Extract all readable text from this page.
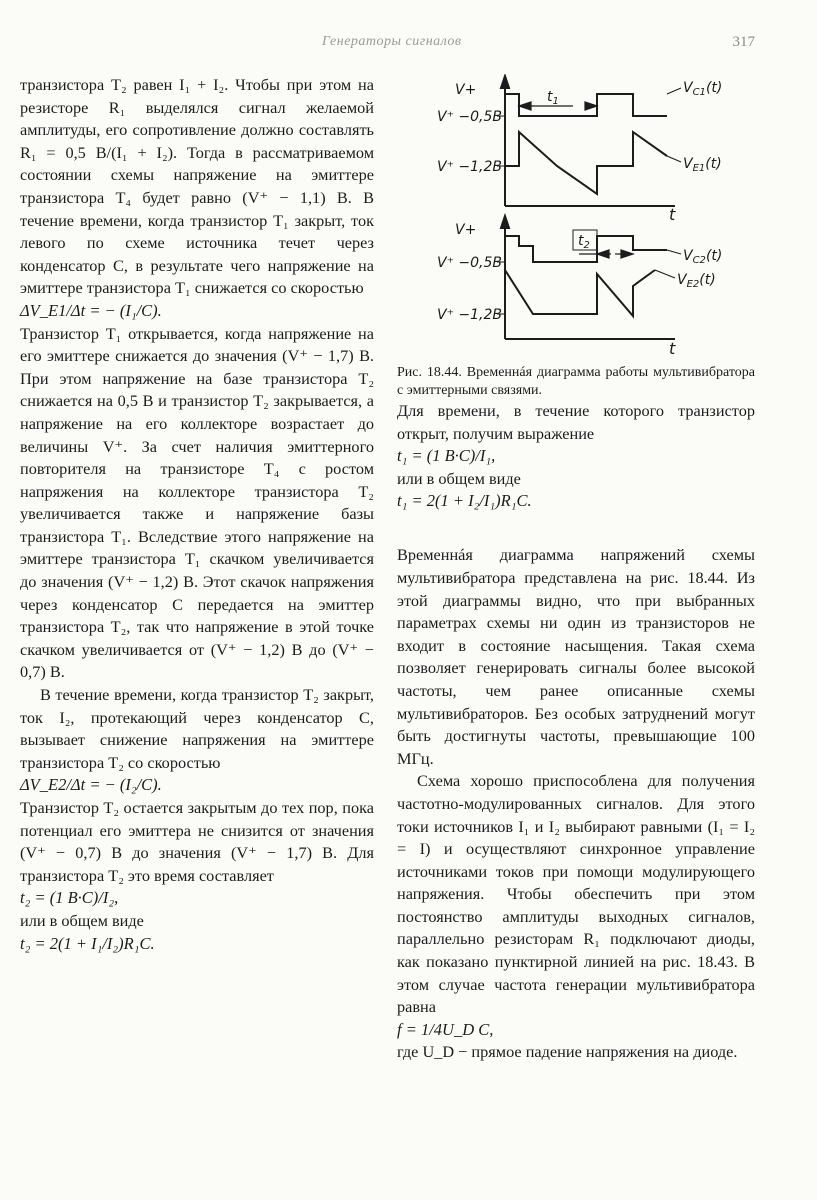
Генераторы сигналов	317

транзистора T₂ равен I₁ + I₂. Чтобы при этом на резисторе R₁ выделялся сигнал желаемой амплитуды, его сопротивление должно составлять R₁ = 0,5 В/(I₁ + I₂). Тогда в рассматриваемом состоянии схемы напряжение на эмиттере транзистора T₄ будет равно (V⁺ − 1,1) В. В течение времени, когда транзистор T₁ закрыт, ток левого по схеме источника течет через конденсатор C, в результате чего напряжение на эмиттере транзистора T₁ снижается со скоростью

ΔV_E1/Δt = − (I₁/C).

Транзистор T₁ открывается, когда напряжение на его эмиттере снижается до значения (V⁺ − 1,7) В. При этом напряжение на базе транзистора T₂ снижается на 0,5 В и транзистор T₂ закрывается, а напряжение на его коллекторе возрастает до величины V⁺. За счет наличия эмиттерного повторителя на транзисторе T₄ с ростом напряжения на коллекторе транзистора T₂ увеличивается также и напряжение базы транзистора T₁. Вследствие этого напряжение на эмиттере транзистора T₁ скачком увеличивается до значения (V⁺ − 1,2) В. Этот скачок напряжения через конденсатор C передается на эмиттер транзистора T₂, так что напряжение в этой точке скачком увеличивается от (V⁺ − 1,2) В до (V⁺ − 0,7) В.

В течение времени, когда транзистор T₂ закрыт, ток I₂, протекающий через конденсатор C, вызывает снижение напряжения на эмиттере транзистора T₂ со скоростью

ΔV_E2/Δt = − (I₂/C).

Транзистор T₂ остается закрытым до тех пор, пока потенциал его эмиттера не снизится от значения (V⁺ − 0,7) В до значения (V⁺ − 1,7) В. Для транзистора T₂ это время составляет

t₂ = (1 В·C)/I₂,

или в общем виде

t₂ = 2(1 + I₁/I₂)R₁C.

V+
V⁺ −0,5В
V⁺ −1,2В
V+
V⁺ −0,5В
V⁺ −1,2В
$V_{C1}(t)$
$V_{E1}(t)$
$V_{C2}(t)$
$V_{E2}(t)$
$t_1$
$t_2$
t
t

Рис. 18.44. Временнáя диаграмма работы мультивибратора с эмиттерными связями.

Для времени, в течение которого транзистор открыт, получим выражение

t₁ = (1 В·C)/I₁,

или в общем виде

t₁ = 2(1 + I₂/I₁)R₁C.

Временнáя диаграмма напряжений схемы мультивибратора представлена на рис. 18.44. Из этой диаграммы видно, что при выбранных параметрах схемы ни один из транзисторов не входит в состояние насыщения. Такая схема позволяет генерировать сигналы более высокой частоты, чем ранее описанные схемы мультивибраторов. Без особых затруднений могут быть достигнуты частоты, превышающие 100 МГц.

Схема хорошо приспособлена для получения частотно-модулированных сигналов. Для этого токи источников I₁ и I₂ выбирают равными (I₁ = I₂ = I) и осуществляют синхронное управление источниками токов при помощи модулирующего напряжения. Чтобы обеспечить при этом постоянство амплитуды выходных сигналов, параллельно резисторам R₁ подключают диоды, как показано пунктирной линией на рис. 18.43. В этом случае частота генерации мультивибратора равна

f = 1/4U_D C,

где U_D − прямое падение напряжения на диоде.
